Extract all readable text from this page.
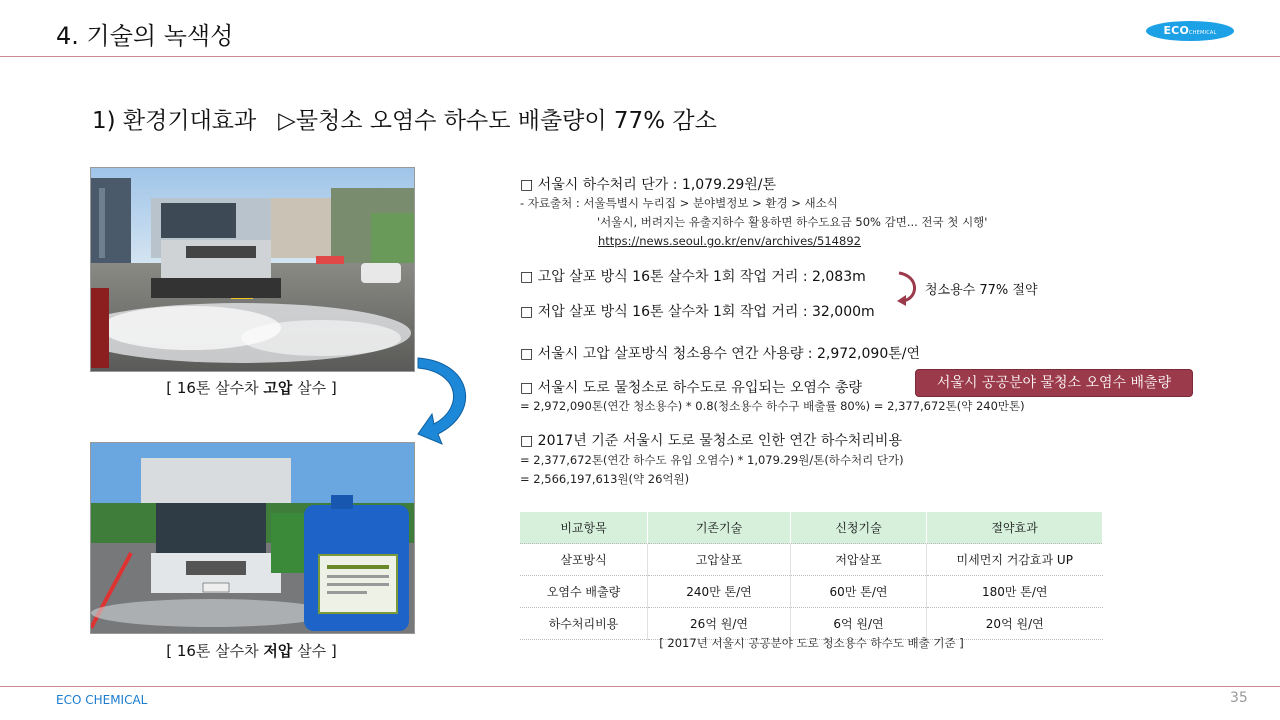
4. 기술의 녹색성	ECOCHEMICAL
1) 환경기대효과   ▷물청소 오염수 하수도 배출량이 77% 감소
[ 16톤 살수차 고압 살수 ]
[ 16톤 살수차 저압 살수 ]
□ 서울시 하수처리 단가 : 1,079.29원/톤
- 자료출처 : 서울특별시 누리집 > 분야별정보 > 환경 > 새소식
'서울시, 버려지는 유출지하수 활용하면 하수도요금 50% 감면... 전국 첫 시행'
https://news.seoul.go.kr/env/archives/514892
□ 고압 살포 방식 16톤 살수차 1회 작업 거리 : 2,083m
□ 저압 살포 방식 16톤 살수차 1회 작업 거리 : 32,000m
청소용수 77% 절약
□ 서울시 고압 살포방식 청소용수 연간 사용량 : 2,972,090톤/연
□ 서울시 도로 물청소로 하수도로 유입되는 오염수 총량	서울시 공공분야 물청소 오염수 배출량
= 2,972,090톤(연간 청소용수) * 0.8(청소용수 하수구 배출률 80%) = 2,377,672톤(약 240만톤)
□ 2017년 기준 서울시 도로 물청소로 인한 연간 하수처리비용
= 2,377,672톤(연간 하수도 유입 오염수) * 1,079.29원/톤(하수처리 단가)
= 2,566,197,613원(약 26억원)
비교항목	기존기술	신청기술	절약효과
살포방식	고압살포	저압살포	미세먼지 거감효과 UP
오염수 배출량	240만 톤/연	60만 톤/연	180만 톤/연
하수처리비용	26억 원/연	6억 원/연	20억 원/연
[ 2017년 서울시 공공분야 도로 청소용수 하수도 배출 기준 ]
ECO CHEMICAL	35
